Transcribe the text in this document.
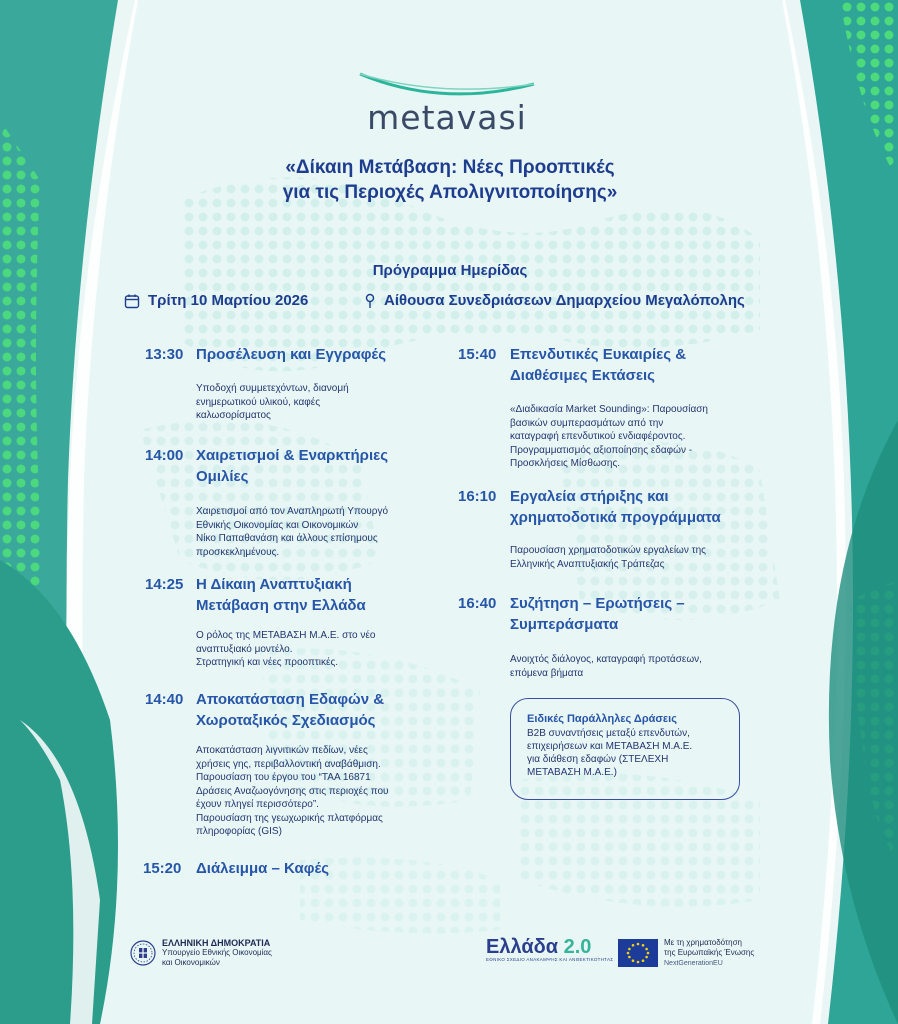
metavasi
«Δίκαιη Μετάβαση: Νέες Προοπτικές
για τις Περιοχές Απολιγνιτοποίησης»
Πρόγραμμα Ημερίδας
Τρίτη 10 Μαρτίου 2026	Αίθουσα Συνεδριάσεων Δημαρχείου Μεγαλόπολης
13:30 Προσέλευση και Εγγραφές
Υποδοχή συμμετεχόντων, διανομή
ενημερωτικού υλικού, καφές
καλωσορίσματος
14:00 Χαιρετισμοί & Εναρκτήριες
Ομιλίες
Χαιρετισμοί από τον Αναπληρωτή Υπουργό
Εθνικής Οικονομίας και Οικονομικών
Νίκο Παπαθανάση και άλλους επίσημους
προσκεκλημένους.
14:25 Η Δίκαιη Αναπτυξιακή
Μετάβαση στην Ελλάδα
Ο ρόλος της ΜΕΤΑΒΑΣΗ Μ.Α.Ε. στο νέο
αναπτυξιακό μοντέλο.
Στρατηγική και νέες προοπτικές.
14:40 Αποκατάσταση Εδαφών &
Χωροταξικός Σχεδιασμός
Αποκατάσταση λιγνιτικών πεδίων, νέες
χρήσεις γης, περιβαλλοντική αναβάθμιση.
Παρουσίαση του έργου του “ΤΑΑ 16871
Δράσεις Αναζωογόνησης στις περιοχές που
έχουν πληγεί περισσότερο”.
Παρουσίαση της γεωχωρικής πλατφόρμας
πληροφορίας (GIS)
15:20 Διάλειμμα – Καφές
15:40 Επενδυτικές Ευκαιρίες &
Διαθέσιμες Εκτάσεις
«Διαδικασία Market Sounding»: Παρουσίαση
βασικών συμπερασμάτων από την
καταγραφή επενδυτικού ενδιαφέροντος.
Προγραμματισμός αξιοποίησης εδαφών -
Προσκλήσεις Μίσθωσης.
16:10 Εργαλεία στήριξης και
χρηματοδοτικά προγράμματα
Παρουσίαση χρηματοδοτικών εργαλείων της
Ελληνικής Αναπτυξιακής Τράπεζας
16:40 Συζήτηση – Ερωτήσεις –
Συμπεράσματα
Ανοιχτός διάλογος, καταγραφή προτάσεων,
επόμενα βήματα
Ειδικές Παράλληλες Δράσεις
B2B συναντήσεις μεταξύ επενδυτών,
επιχειρήσεων και ΜΕΤΑΒΑΣΗ Μ.Α.Ε.
για διάθεση εδαφών (ΣΤΕΛΕΧΗ
ΜΕΤΑΒΑΣΗ Μ.Α.Ε.)
ΕΛΛΗΝΙΚΗ ΔΗΜΟΚΡΑΤΙΑ
Υπουργείο Εθνικής Οικονομίας
και Οικονομικών
Ελλάδα 2.0
ΕΘΝΙΚΟ ΣΧΕΔΙΟ ΑΝΑΚΑΜΨΗΣ ΚΑΙ ΑΝΘΕΚΤΙΚΟΤΗΤΑΣ
Με τη χρηματοδότηση
της Ευρωπαϊκής Ένωσης
NextGenerationEU
